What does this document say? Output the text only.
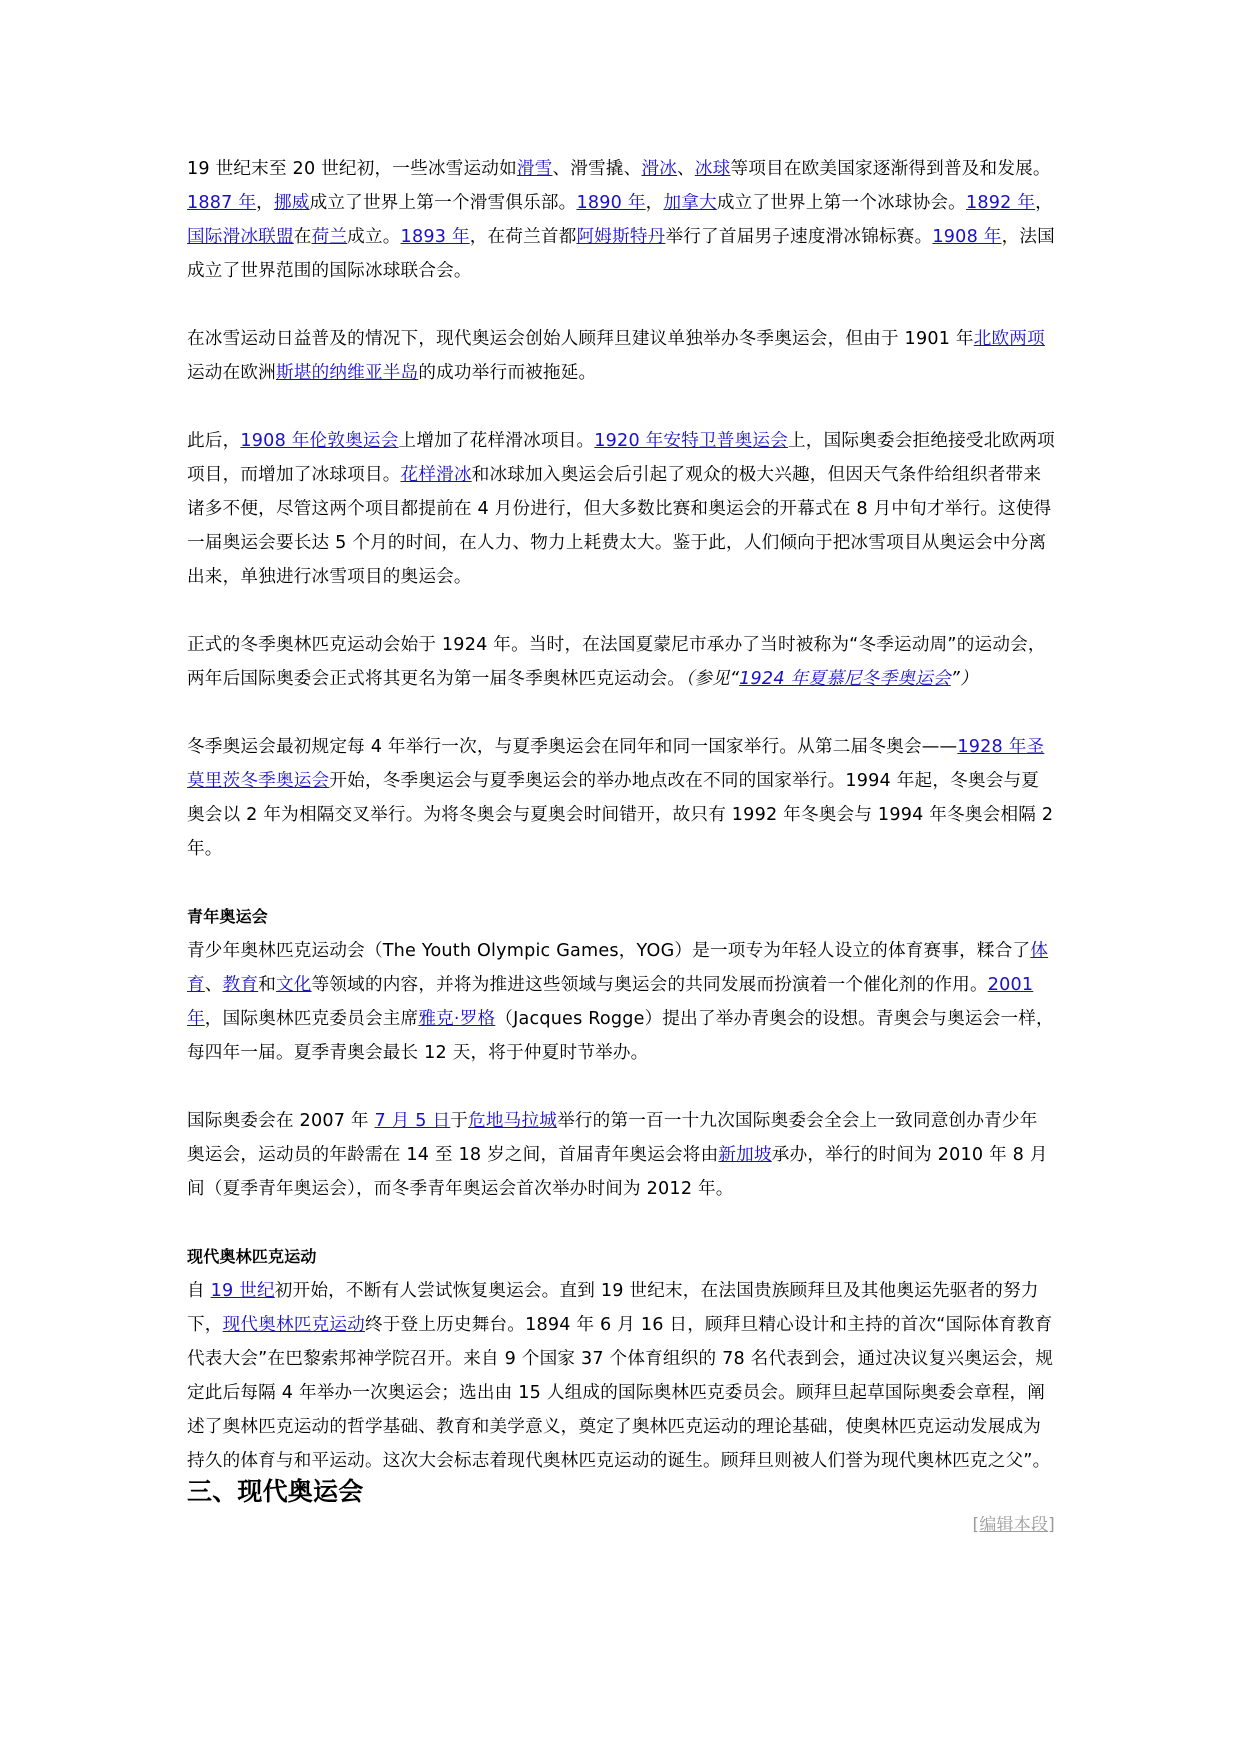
19 世纪末至 20 世纪初，一些冰雪运动如滑雪、滑雪撬、滑冰、冰球等项目在欧美国家逐渐得到普及和发展。1887 年，挪威成立了世界上第一个滑雪俱乐部。1890 年，加拿大成立了世界上第一个冰球协会。1892 年，国际滑冰联盟在荷兰成立。1893 年，在荷兰首都阿姆斯特丹举行了首届男子速度滑冰锦标赛。1908 年，法国成立了世界范围的国际冰球联合会。

在冰雪运动日益普及的情况下，现代奥运会创始人顾拜旦建议单独举办冬季奥运会，但由于 1901 年北欧两项运动在欧洲斯堪的纳维亚半岛的成功举行而被拖延。

此后，1908 年伦敦奥运会上增加了花样滑冰项目。1920 年安特卫普奥运会上，国际奥委会拒绝接受北欧两项项目，而增加了冰球项目。花样滑冰和冰球加入奥运会后引起了观众的极大兴趣，但因天气条件给组织者带来诸多不便，尽管这两个项目都提前在 4 月份进行，但大多数比赛和奥运会的开幕式在 8 月中旬才举行。这使得一届奥运会要长达 5 个月的时间，在人力、物力上耗费太大。鉴于此，人们倾向于把冰雪项目从奥运会中分离出来，单独进行冰雪项目的奥运会。

正式的冬季奥林匹克运动会始于 1924 年。当时，在法国夏蒙尼市承办了当时被称为“冬季运动周”的运动会，两年后国际奥委会正式将其更名为第一届冬季奥林匹克运动会。（参见“1924 年夏慕尼冬季奥运会”）

冬季奥运会最初规定每 4 年举行一次，与夏季奥运会在同年和同一国家举行。从第二届冬奥会——1928 年圣莫里茨冬季奥运会开始，冬季奥运会与夏季奥运会的举办地点改在不同的国家举行。1994 年起，冬奥会与夏奥会以 2 年为相隔交叉举行。为将冬奥会与夏奥会时间错开，故只有 1992 年冬奥会与 1994 年冬奥会相隔 2 年。

青年奥运会

青少年奥林匹克运动会（The Youth Olympic Games，YOG）是一项专为年轻人设立的体育赛事，糅合了体育、教育和文化等领域的内容，并将为推进这些领域与奥运会的共同发展而扮演着一个催化剂的作用。2001 年，国际奥林匹克委员会主席雅克·罗格（Jacques Rogge）提出了举办青奥会的设想。青奥会与奥运会一样，每四年一届。夏季青奥会最长 12 天，将于仲夏时节举办。

国际奥委会在 2007 年 7 月 5 日于危地马拉城举行的第一百一十九次国际奥委会全会上一致同意创办青少年奥运会，运动员的年龄需在 14 至 18 岁之间，首届青年奥运会将由新加坡承办，举行的时间为 2010 年 8 月间（夏季青年奥运会），而冬季青年奥运会首次举办时间为 2012 年。

现代奥林匹克运动

自 19 世纪初开始，不断有人尝试恢复奥运会。直到 19 世纪末，在法国贵族顾拜旦及其他奥运先驱者的努力下，现代奥林匹克运动终于登上历史舞台。1894 年 6 月 16 日，顾拜旦精心设计和主持的首次“国际体育教育代表大会”在巴黎索邦神学院召开。来自 9 个国家 37 个体育组织的 78 名代表到会，通过决议复兴奥运会，规定此后每隔 4 年举办一次奥运会；选出由 15 人组成的国际奥林匹克委员会。顾拜旦起草国际奥委会章程，阐述了奥林匹克运动的哲学基础、教育和美学意义，奠定了奥林匹克运动的理论基础，使奥林匹克运动发展成为持久的体育与和平运动。这次大会标志着现代奥林匹克运动的诞生。顾拜旦则被人们誉为现代奥林匹克之父”。

三、现代奥运会
[编辑本段]
